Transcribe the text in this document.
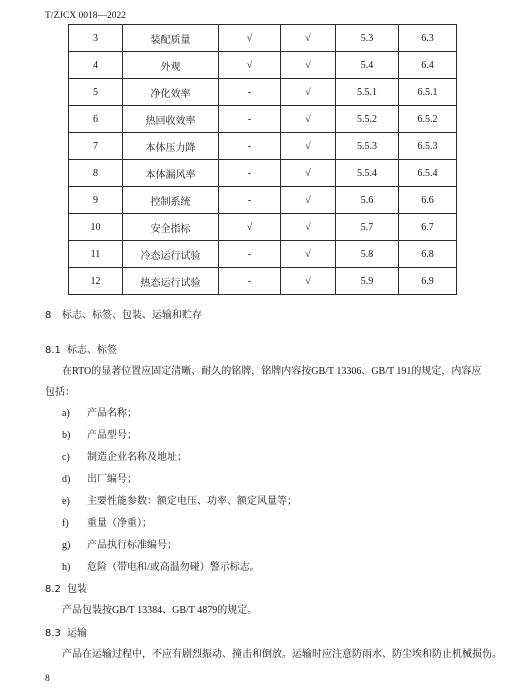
T/ZJCX 0018—2022
3	装配质量	√	√	5.3	6.3
4	外观	√	√	5.4	6.4
5	净化效率	-	√	5.5.1	6.5.1
6	热回收效率	-	√	5.5.2	6.5.2
7	本体压力降	-	√	5.5.3	6.5.3
8	本体漏风率	-	√	5.5.4	6.5.4
9	控制系统	-	√	5.6	6.6
10	安全指标	√	√	5.7	6.7
11	冷态运行试验	-	√	5.8	6.8
12	热态运行试验	-	√	5.9	6.9
8 标志、标签、包装、运输和贮存
8.1 标志、标签
在RTO的显著位置应固定清晰、耐久的铭牌，铭牌内容按GB/T 13306、GB/T 191的规定，内容应
包括：
a) 产品名称；
b) 产品型号；
c) 制造企业名称及地址；
d) 出厂编号；
e) 主要性能参数：额定电压、功率、额定风量等；
f) 重量（净重）；
g) 产品执行标准编号；
h) 危险（带电和/或高温勿碰）警示标志。
8.2 包装
产品包装按GB/T 13384、GB/T 4879的规定。
8.3 运输
产品在运输过程中，不应有剧烈振动、撞击和倒放。运输时应注意防雨水、防尘埃和防止机械损伤。
8
